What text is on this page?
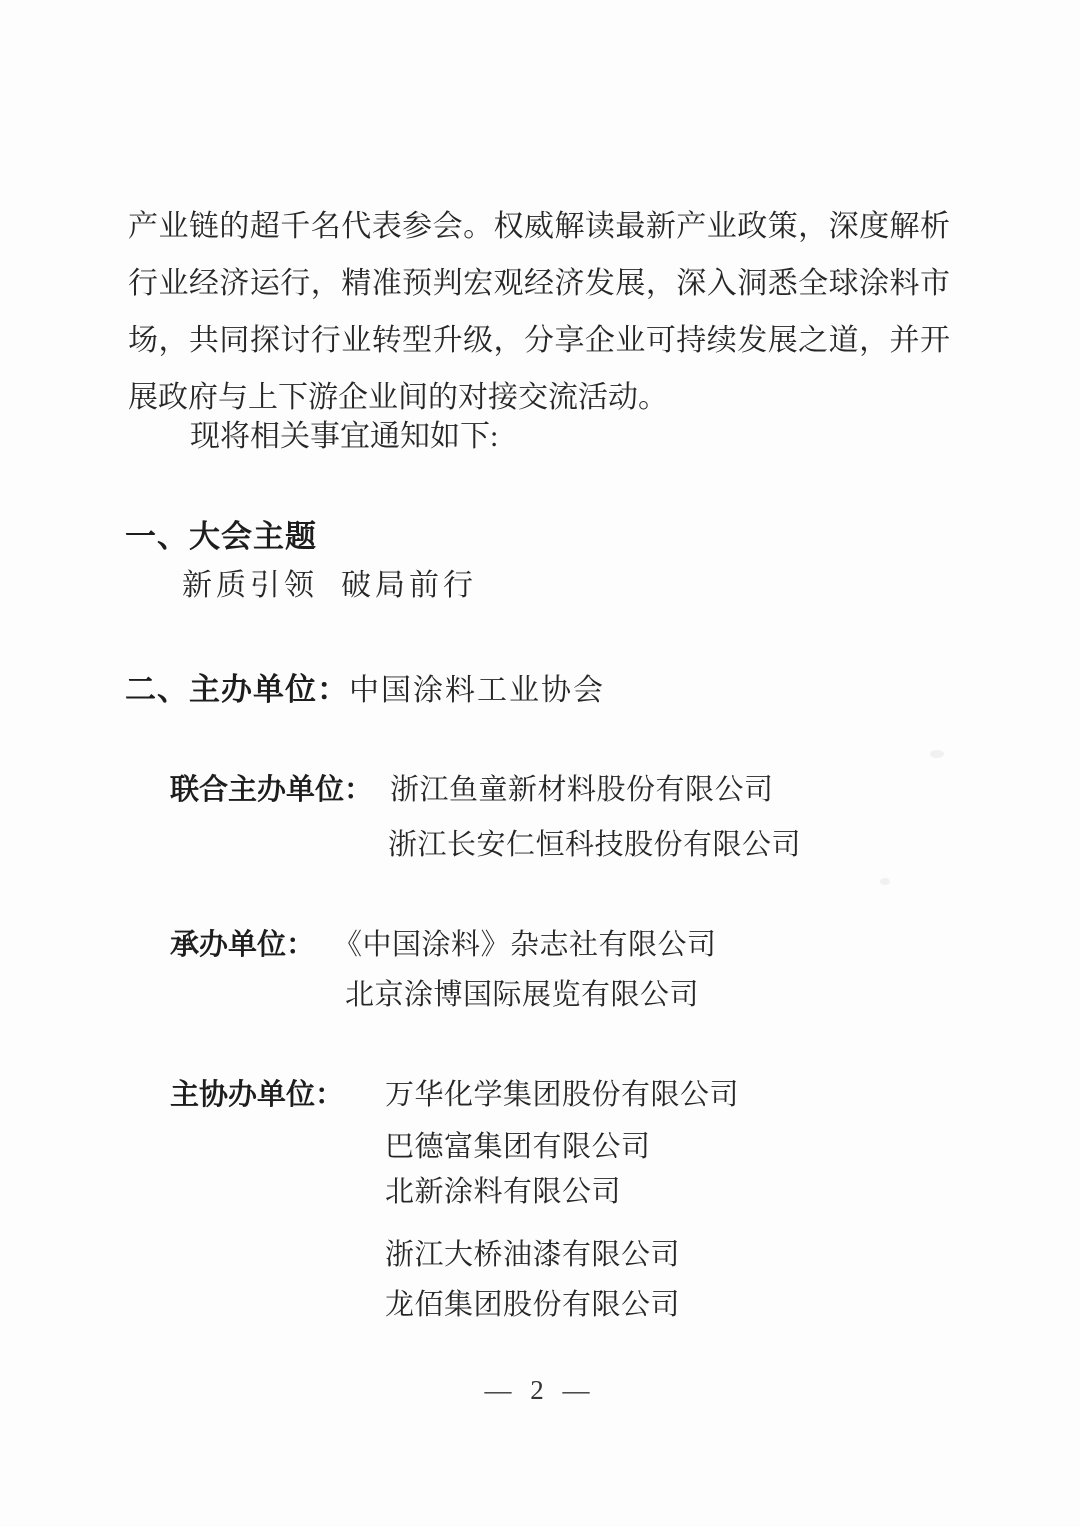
产业链的超千名代表参会。权威解读最新产业政策，深度解析
行业经济运行，精准预判宏观经济发展，深入洞悉全球涂料市
场，共同探讨行业转型升级，分享企业可持续发展之道，并开
展政府与上下游企业间的对接交流活动。
现将相关事宜通知如下:
一、大会主题
新质引领  破局前行
二、主办单位：中国涂料工业协会
联合主办单位： 浙江鱼童新材料股份有限公司
浙江长安仁恒科技股份有限公司
承办单位： 《中国涂料》杂志社有限公司
北京涂博国际展览有限公司
主协办单位： 万华化学集团股份有限公司
巴德富集团有限公司
北新涂料有限公司
浙江大桥油漆有限公司
龙佰集团股份有限公司
— 2 —
